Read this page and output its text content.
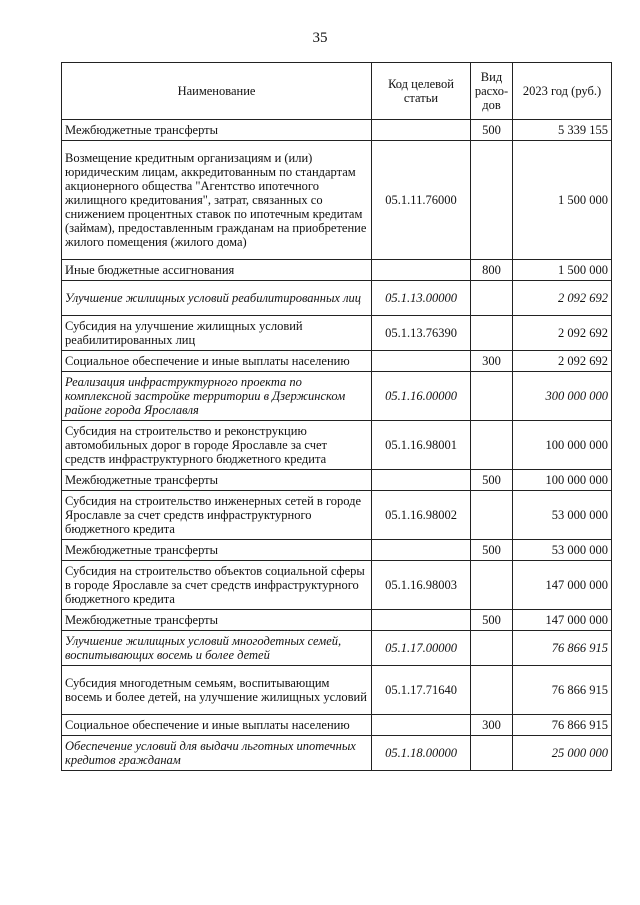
35
Наименование	Код целевой статьи	Вид расхо-дов	2023 год (руб.)
Межбюджетные трансферты		500	5 339 155
Возмещение кредитным организациям и (или) юридическим лицам, аккредитованным по стандартам акционерного общества "Агентство ипотечного жилищного кредитования", затрат, связанных со снижением процентных ставок по ипотечным кредитам (займам), предоставленным гражданам на приобретение жилого помещения (жилого дома)	05.1.11.76000		1 500 000
Иные бюджетные ассигнования		800	1 500 000
Улучшение жилищных условий реабилитированных лиц	05.1.13.00000		2 092 692
Субсидия на улучшение жилищных условий реабилитированных лиц	05.1.13.76390		2 092 692
Социальное обеспечение и иные выплаты населению		300	2 092 692
Реализация инфраструктурного проекта по комплексной застройке территории в Дзержинском районе города Ярославля	05.1.16.00000		300 000 000
Субсидия на строительство и реконструкцию автомобильных дорог в городе Ярославле за счет средств инфраструктурного бюджетного кредита	05.1.16.98001		100 000 000
Межбюджетные трансферты		500	100 000 000
Субсидия на строительство инженерных сетей в городе Ярославле за счет средств инфраструктурного бюджетного кредита	05.1.16.98002		53 000 000
Межбюджетные трансферты		500	53 000 000
Субсидия на строительство объектов социальной сферы в городе Ярославле за счет средств инфраструктурного бюджетного кредита	05.1.16.98003		147 000 000
Межбюджетные трансферты		500	147 000 000
Улучшение жилищных условий многодетных семей, воспитывающих восемь и более детей	05.1.17.00000		76 866 915
Субсидия многодетным семьям, воспитывающим восемь и более детей, на улучшение жилищных условий	05.1.17.71640		76 866 915
Социальное обеспечение и иные выплаты населению		300	76 866 915
Обеспечение условий для выдачи льготных ипотечных кредитов гражданам	05.1.18.00000		25 000 000
